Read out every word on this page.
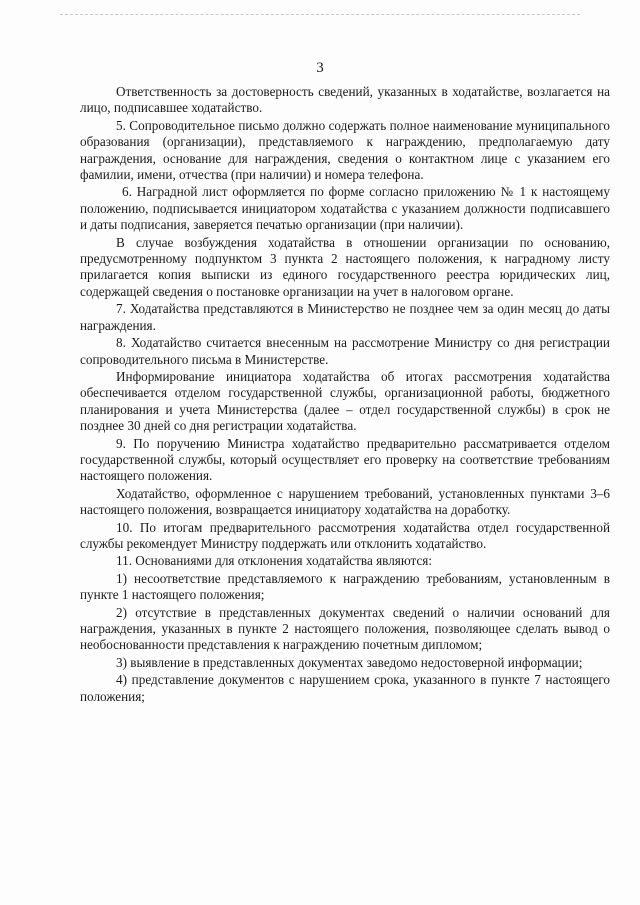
3

Ответственность за достоверность сведений, указанных в ходатайстве, возлагается на лицо, подписавшее ходатайство.

5. Сопроводительное письмо должно содержать полное наименование муниципального образования (организации), представляемого к награждению, предполагаемую дату награждения, основание для награждения, сведения о контактном лице с указанием его фамилии, имени, отчества (при наличии) и номера телефона.

6. Наградной лист оформляется по форме согласно приложению № 1 к настоящему положению, подписывается инициатором ходатайства с указанием должности подписавшего и даты подписания, заверяется печатью организации (при наличии).

В случае возбуждения ходатайства в отношении организации по основанию, предусмотренному подпунктом 3 пункта 2 настоящего положения, к наградному листу прилагается копия выписки из единого государственного реестра юридических лиц, содержащей сведения о постановке организации на учет в налоговом органе.

7. Ходатайства представляются в Министерство не позднее чем за один месяц до даты награждения.

8. Ходатайство считается внесенным на рассмотрение Министру со дня регистрации сопроводительного письма в Министерстве.

Информирование инициатора ходатайства об итогах рассмотрения ходатайства обеспечивается отделом государственной службы, организационной работы, бюджетного планирования и учета Министерства (далее – отдел государственной службы) в срок не позднее 30 дней со дня регистрации ходатайства.

9. По поручению Министра ходатайство предварительно рассматривается отделом государственной службы, который осуществляет его проверку на соответствие требованиям настоящего положения.

Ходатайство, оформленное с нарушением требований, установленных пунктами 3–6 настоящего положения, возвращается инициатору ходатайства на доработку.

10. По итогам предварительного рассмотрения ходатайства отдел государственной службы рекомендует Министру поддержать или отклонить ходатайство.

11. Основаниями для отклонения ходатайства являются:

1) несоответствие представляемого к награждению требованиям, установленным в пункте 1 настоящего положения;

2) отсутствие в представленных документах сведений о наличии оснований для награждения, указанных в пункте 2 настоящего положения, позволяющее сделать вывод о необоснованности представления к награждению почетным дипломом;

3) выявление в представленных документах заведомо недостоверной информации;

4) представление документов с нарушением срока, указанного в пункте 7 настоящего положения;
